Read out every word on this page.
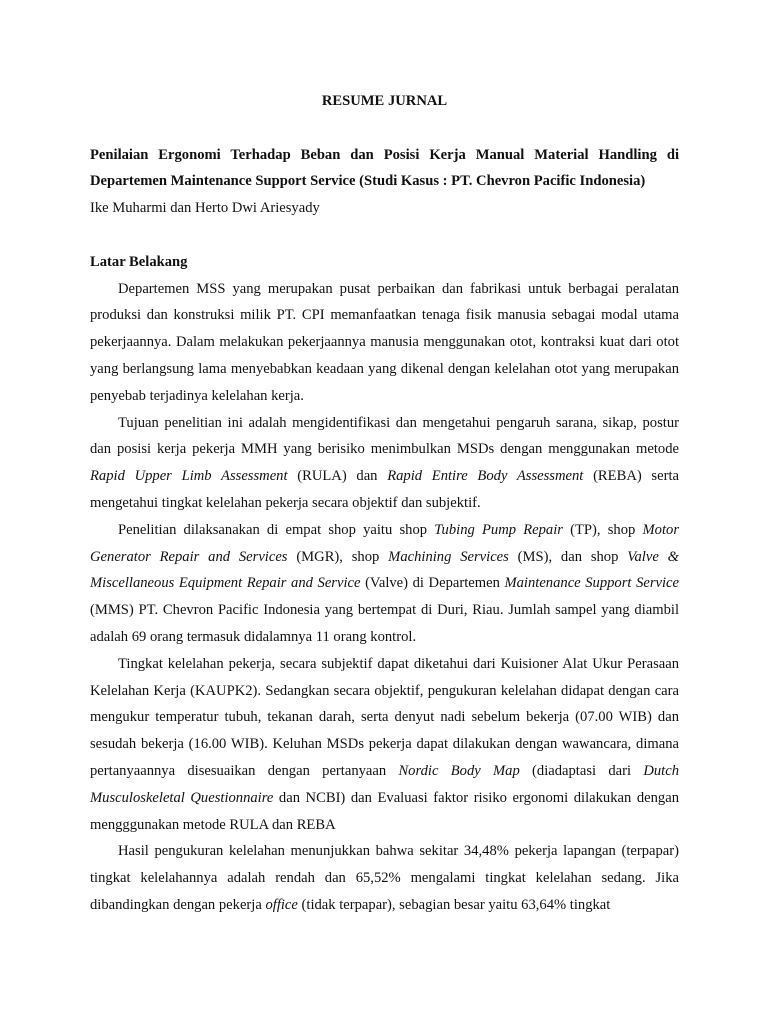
RESUME JURNAL

Penilaian Ergonomi Terhadap Beban dan Posisi Kerja Manual Material Handling di Departemen Maintenance Support Service (Studi Kasus : PT. Chevron Pacific Indonesia)

Ike Muharmi dan Herto Dwi Ariesyady

Latar Belakang

Departemen MSS yang merupakan pusat perbaikan dan fabrikasi untuk berbagai peralatan produksi dan konstruksi milik PT. CPI memanfaatkan tenaga fisik manusia sebagai modal utama pekerjaannya. Dalam melakukan pekerjaannya manusia menggunakan otot, kontraksi kuat dari otot yang berlangsung lama menyebabkan keadaan yang dikenal dengan kelelahan otot yang merupakan penyebab terjadinya kelelahan kerja.

Tujuan penelitian ini adalah mengidentifikasi dan mengetahui pengaruh sarana, sikap, postur dan posisi kerja pekerja MMH yang berisiko menimbulkan MSDs dengan menggunakan metode Rapid Upper Limb Assessment (RULA) dan Rapid Entire Body Assessment (REBA) serta mengetahui tingkat kelelahan pekerja secara objektif dan subjektif.

Penelitian dilaksanakan di empat shop yaitu shop Tubing Pump Repair (TP), shop Motor Generator Repair and Services (MGR), shop Machining Services (MS), dan shop Valve & Miscellaneous Equipment Repair and Service (Valve) di Departemen Maintenance Support Service (MMS) PT. Chevron Pacific Indonesia yang bertempat di Duri, Riau. Jumlah sampel yang diambil adalah 69 orang termasuk didalamnya 11 orang kontrol.

Tingkat kelelahan pekerja, secara subjektif dapat diketahui dari Kuisioner Alat Ukur Perasaan Kelelahan Kerja (KAUPK2). Sedangkan secara objektif, pengukuran kelelahan didapat dengan cara mengukur temperatur tubuh, tekanan darah, serta denyut nadi sebelum bekerja (07.00 WIB) dan sesudah bekerja (16.00 WIB). Keluhan MSDs pekerja dapat dilakukan dengan wawancara, dimana pertanyaannya disesuaikan dengan pertanyaan Nordic Body Map (diadaptasi dari Dutch Musculoskeletal Questionnaire dan NCBI) dan Evaluasi faktor risiko ergonomi dilakukan dengan mengggunakan metode RULA dan REBA

Hasil pengukuran kelelahan menunjukkan bahwa sekitar 34,48% pekerja lapangan (terpapar) tingkat kelelahannya adalah rendah dan 65,52% mengalami tingkat kelelahan sedang. Jika dibandingkan dengan pekerja office (tidak terpapar), sebagian besar yaitu 63,64% tingkat
